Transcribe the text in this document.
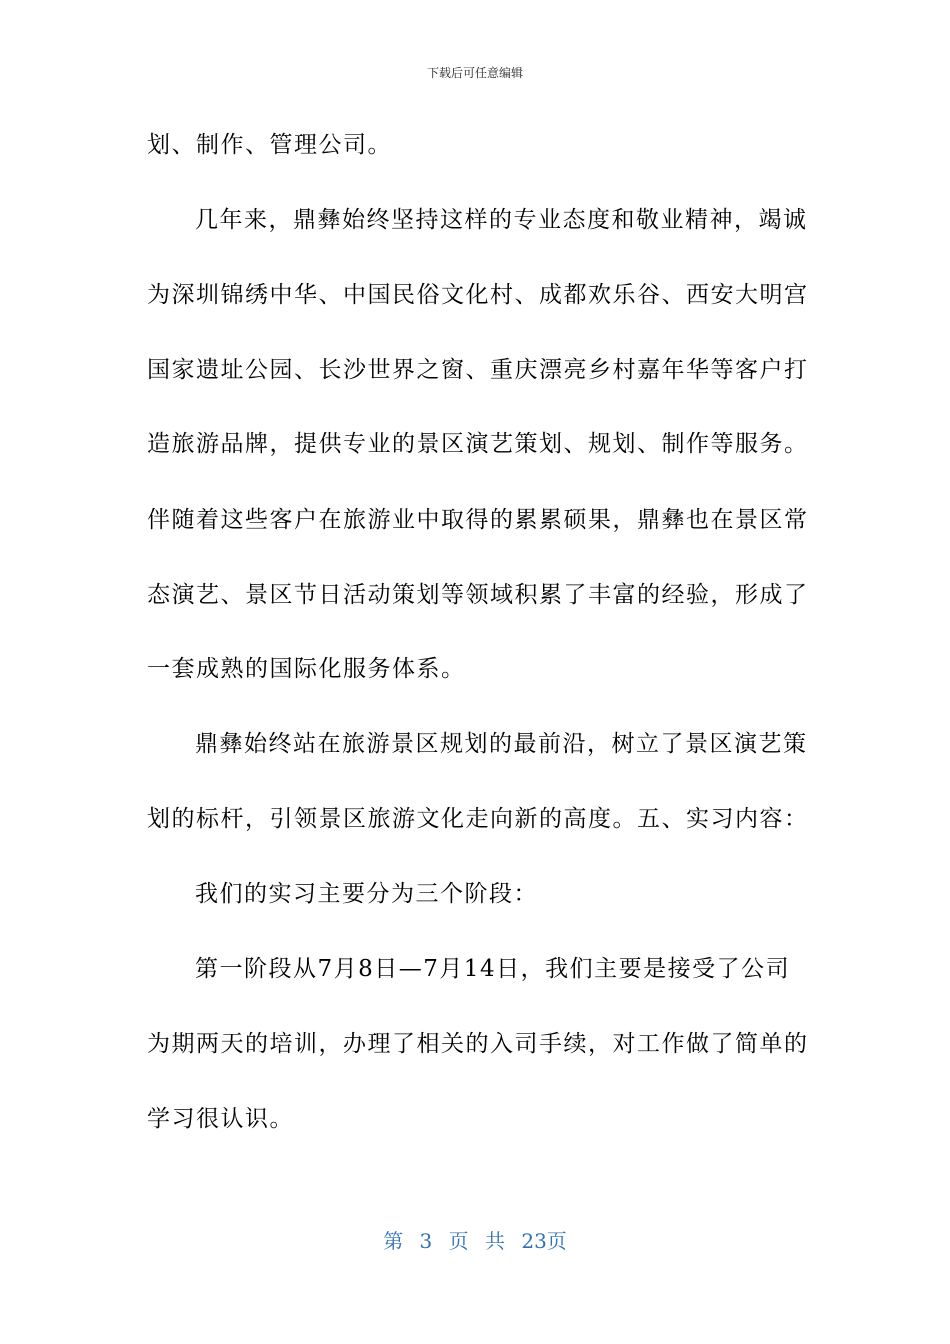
下载后可任意编辑
划、制作、管理公司。
几年来，鼎彝始终坚持这样的专业态度和敬业精神，竭诚
为深圳锦绣中华、中国民俗文化村、成都欢乐谷、西安大明宫
国家遗址公园、长沙世界之窗、重庆漂亮乡村嘉年华等客户打
造旅游品牌，提供专业的景区演艺策划、规划、制作等服务。
伴随着这些客户在旅游业中取得的累累硕果，鼎彝也在景区常
态演艺、景区节日活动策划等领域积累了丰富的经验，形成了
一套成熟的国际化服务体系。
鼎彝始终站在旅游景区规划的最前沿，树立了景区演艺策
划的标杆，引领景区旅游文化走向新的高度。五、实习内容：
我们的实习主要分为三个阶段：
第一阶段从7月8日—7月14日，我们主要是接受了公司
为期两天的培训，办理了相关的入司手续，对工作做了简单的
学习很认识。
第 3 页 共 23页
